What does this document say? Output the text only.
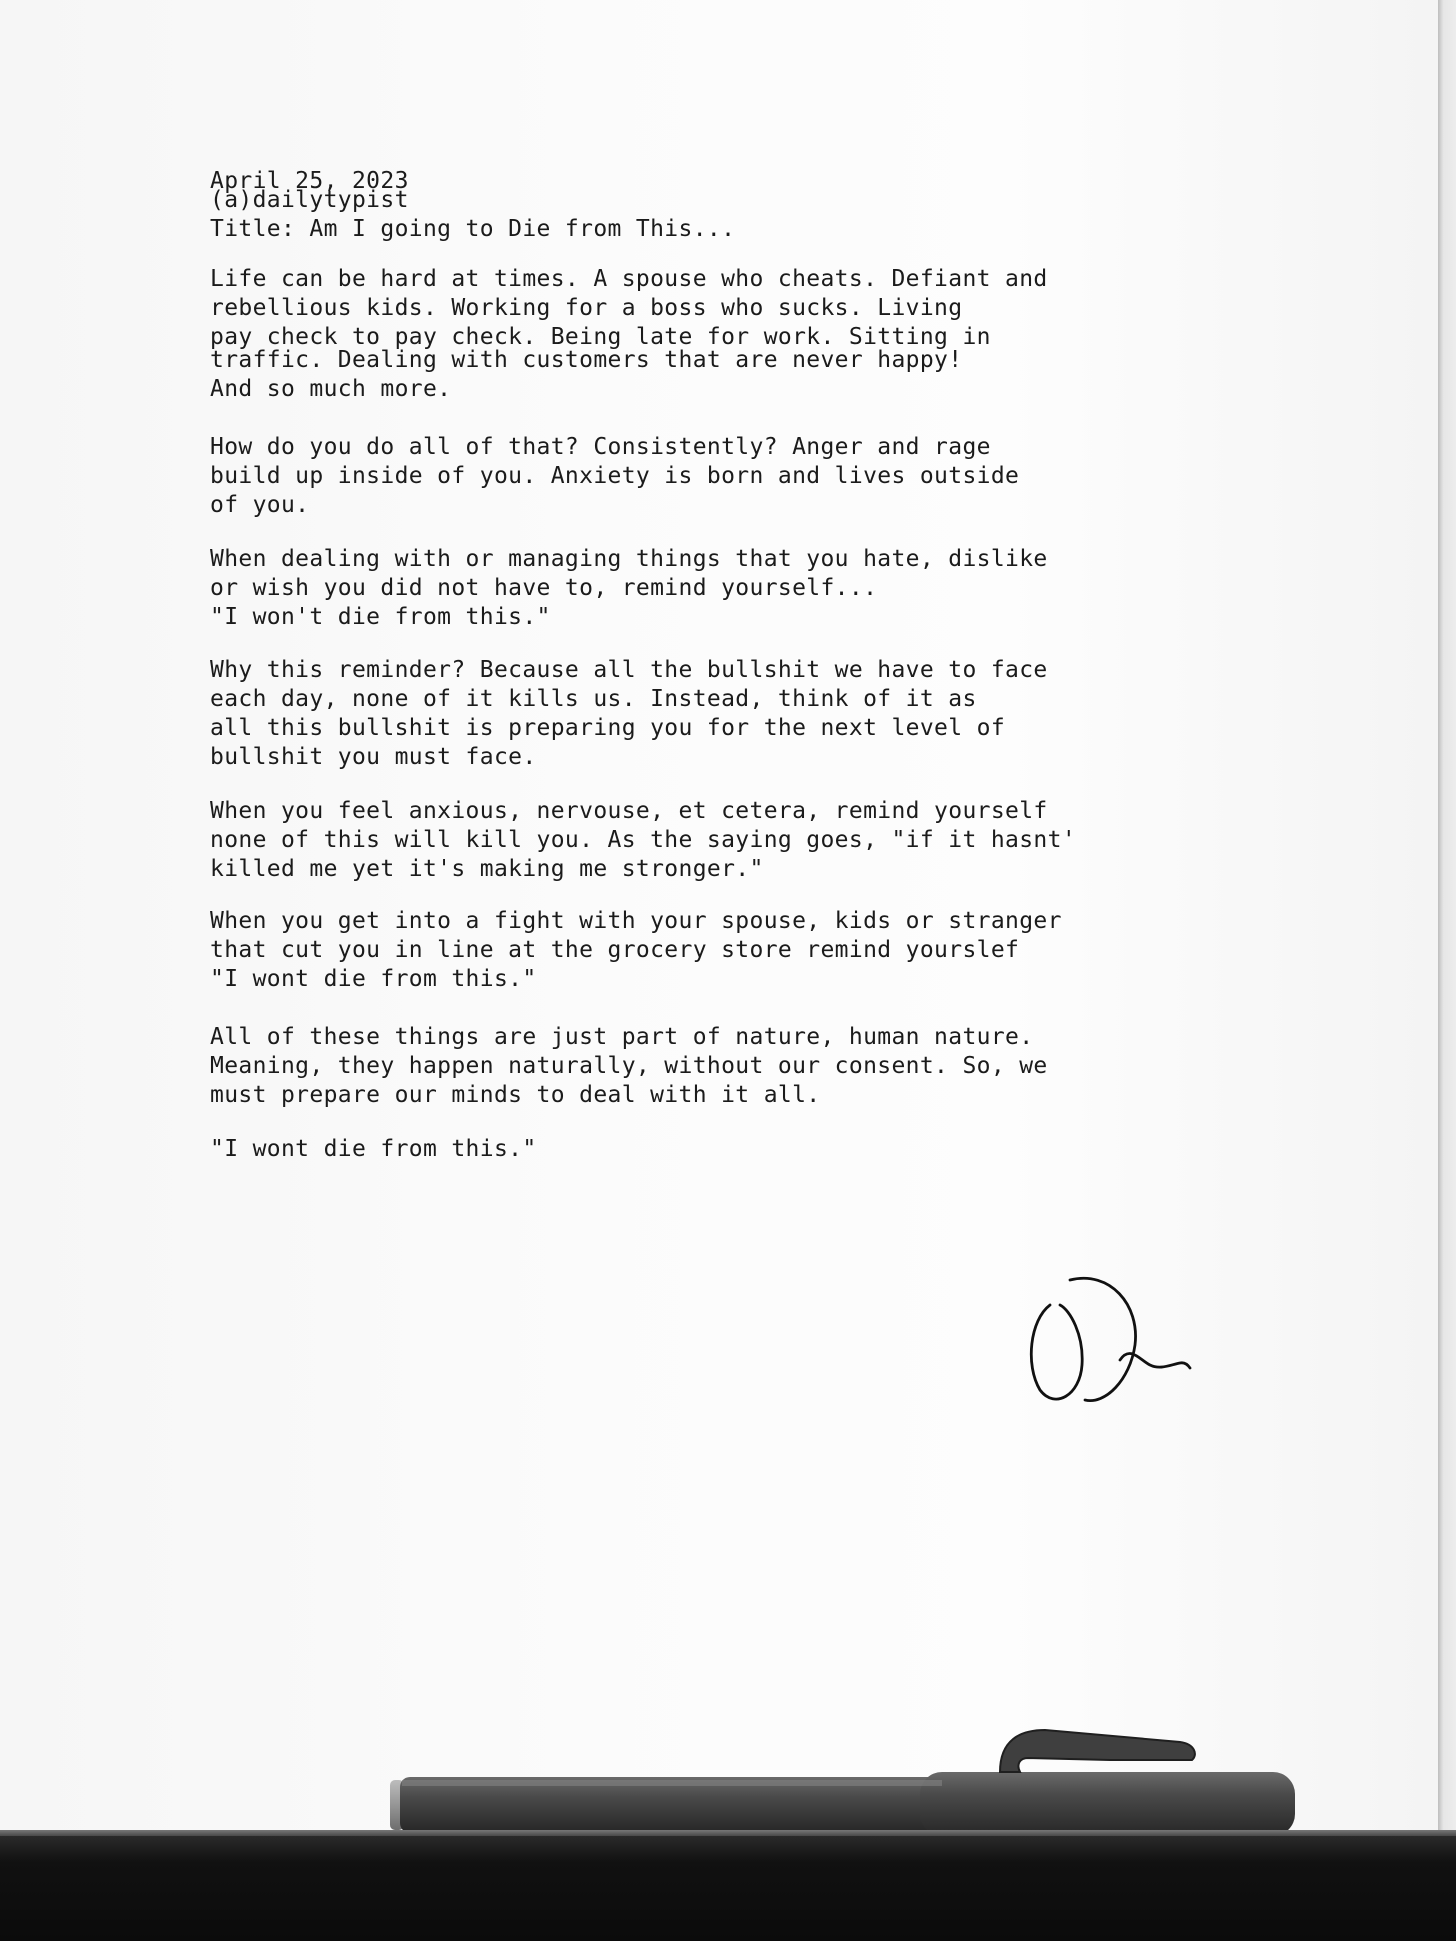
April 25, 2023

(a)dailytypist

Title: Am I going to Die from This...

Life can be hard at times. A spouse who cheats. Defiant and
rebellious kids. Working for a boss who sucks. Living
pay check to pay check. Being late for work. Sitting in
traffic. Dealing with customers that are never happy!
And so much more.
How do you do all of that? Consistently? Anger and rage
build up inside of you. Anxiety is born and lives outside
of you.
When dealing with or managing things that you hate, dislike
or wish you did not have to, remind yourself...
"I won't die from this."
Why this reminder? Because all the bullshit we have to face
each day, none of it kills us. Instead, think of it as
all this bullshit is preparing you for the next level of
bullshit you must face.
When you feel anxious, nervouse, et cetera, remind yourself
none of this will kill you. As the saying goes, "if it hasnt'
killed me yet it's making me stronger."
When you get into a fight with your spouse, kids or stranger
that cut you in line at the grocery store remind yourslef
"I wont die from this."
All of these things are just part of nature, human nature.
Meaning, they happen naturally, without our consent. So, we
must prepare our minds to deal with it all.
"I wont die from this."
